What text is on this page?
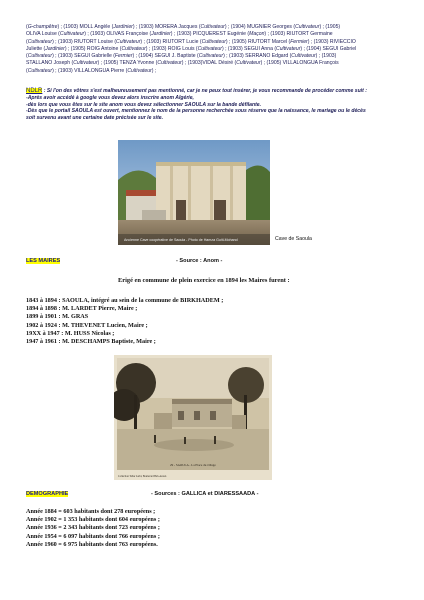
(G-champêtre) ; (1903) MOLL Angèle (Jardinier) ; (1903) MORERA Jacques (Cultivateur) ; (1904) MUGNIER Georges (Cultivateur) ; (1905)
OLIVA Louise (Cultivateur) ; (1903) OLIVAS Françoise (Jardinier) ; (1903) PICQUEREST Eugénie (Maçon) ; (1903) RIUTORT Germaine
(Cultivateur) ; (1903) RIUTORT Louise (Cultivateur) ; (1903) RIUTORT Lucie (Cultivateur) ; (1905) RIUTORT Marcel (Fermier) ; (1903) RIVIECCIO
Juliette (Jardinier) ; (1905) ROIG Antoine (Cultivateur) ; (1903) ROIG Louis (Cultivateur) ; (1903) SEGUI Anna (Cultivateur) ; (1904) SEGUI Gabriel
(Cultivateur) ; (1903) SEGUI Gabrielle (Fermier) ; (1904) SEGUI J. Baptiste (Cultivateur) ; (1903) SERRANO Edgard (Cultivateur) ; (1903)
STALLANO Joseph (Cultivateur) ; (1905) TENZA Yvonne (Cultivateur) ; (1903)VIDAL Désiré (Cultivateur) ; (1905) VILLALONGUA François
(Cultivateur) ; (1903) VILLALONGUA Pierre (Cultivateur) ;
NDLR : Si l'on des vôtres s'est malheureusement pas mentionné, car je ne peux tout insérer, je vous recommande de procéder comme suit :
-Après avoir accédé à google vous devez alors inscrire anom Algérie,
-dès lors que vous êtes sur le site anom vous devez sélectionner SAOULA sur la bande défilante.
-Dès que le portail SAOULA est ouvert, mentionnez le nom de la personne recherchée sous réserve que la naissance, le mariage ou le décès
soit survenu avant une certaine date précisée sur le site.
Ancienne Cave coopérative de Saoula - Photo de Hamza Guiti-Mohand	Cave de Saoula
LES MAIRES	- Source : Anom -
Erigé en commune de plein exercice en 1894 les Maires furent :
1843 à 1894 : SAOULA, intégré au sein de la commune de BIRKHADEM ;
1894 à 1898 : M. LARDET Pierre, Maire ;
1899 à 1901 : M. GRAS
1902 à 1924 : M. THEVENET Lucien, Maire ;
19XX à 1947 : M. HUSS Nicolas ;
1947 à 1961 : M. DESCHAMPS Baptiste, Maire ;
29 - SAOULA - La Place du village
Collection Tahar Larbi, Boulevard Bab-Azoun
DEMOGRAPHIE	- Sources : GALLICA et DIARESSAADA -
Année 1884 = 603 habitants dont 278 européens ;
Année 1902 = 1 353 habitants dont 604 européens ;
Année 1936 = 2 343 habitants dont 723 européens ;
Année 1954 = 6 097 habitants dont 766 européens ;
Année 1960 = 6 975 habitants dont 763 européens.
